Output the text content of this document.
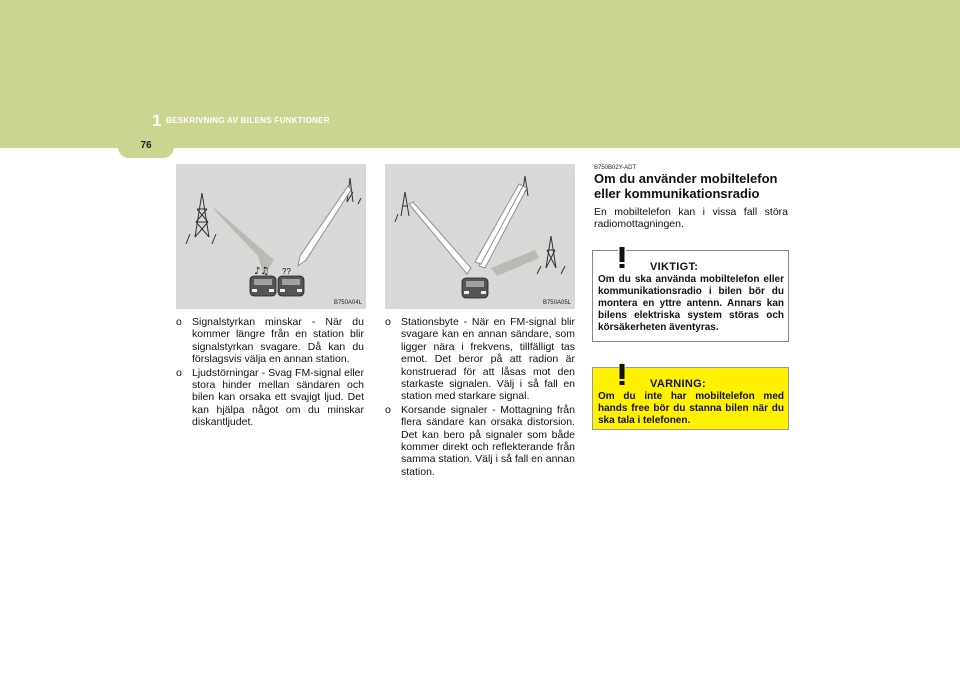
1 BESKRIVNING AV BILENS FUNKTIONER
76
♪♫ ??
B750A04L	B750A05L
o Signalstyrkan minskar - När du kommer längre från en station blir signalstyrkan svagare. Då kan du förslagsvis välja en annan station.
o Ljudstörningar - Svag FM-signal eller stora hinder mellan sändaren och bilen kan orsaka ett svajigt ljud. Det kan hjälpa något om du minskar diskantljudet.
o Stationsbyte - När en FM-signal blir svagare kan en annan sändare, som ligger nära i frekvens, tillfälligt tas emot. Det beror på att radion är konstruerad för att låsas mot den starkaste signalen. Välj i så fall en station med starkare signal.
o Korsande signaler - Mottagning från flera sändare kan orsaka distorsion. Det kan bero på signaler som både kommer direkt och reflekterande från samma station. Välj i så fall en annan station.
B750B02Y-ADT
Om du använder mobiltelefon eller kommunikationsradio
En mobiltelefon kan i vissa fall störa radiomottagningen.
VIKTIGT:
Om du ska använda mobiltelefon eller kommunikationsradio i bilen bör du montera en yttre antenn. Annars kan bilens elektriska system störas och körsäkerheten äventyras.
VARNING:
Om du inte har mobiltelefon med hands free bör du stanna bilen när du ska tala i telefonen.
